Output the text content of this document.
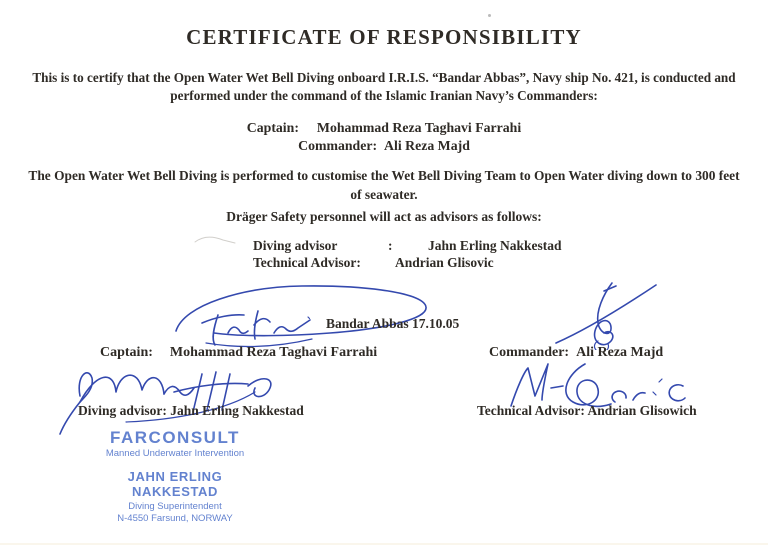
CERTIFICATE OF RESPONSIBILITY
This is to certify that the Open Water Wet Bell Diving onboard I.R.I.S. “Bandar Abbas”, Navy ship No. 421, is conducted and performed under the command of the Islamic Iranian Navy’s Commanders:
Captain: Mohammad Reza Taghavi Farrahi
Commander: Ali Reza Majd
The Open Water Wet Bell Diving is performed to customise the Wet Bell Diving Team to Open Water diving down to 300 feet of seawater.
Dräger Safety personnel will act as advisors as follows:
Diving advisor	:	Jahn Erling Nakkestad
Technical Advisor:	Andrian Glisovic
Bandar Abbas 17.10.05
Captain: Mohammad Reza Taghavi Farrahi	Commander: Ali Reza Majd
Diving advisor: Jahn Erling Nakkestad	Technical Advisor: Andrian Glisowich
FARCONSULT
Manned Underwater Intervention
JAHN ERLING NAKKESTAD
Diving Superintendent
N-4550 Farsund, NORWAY
